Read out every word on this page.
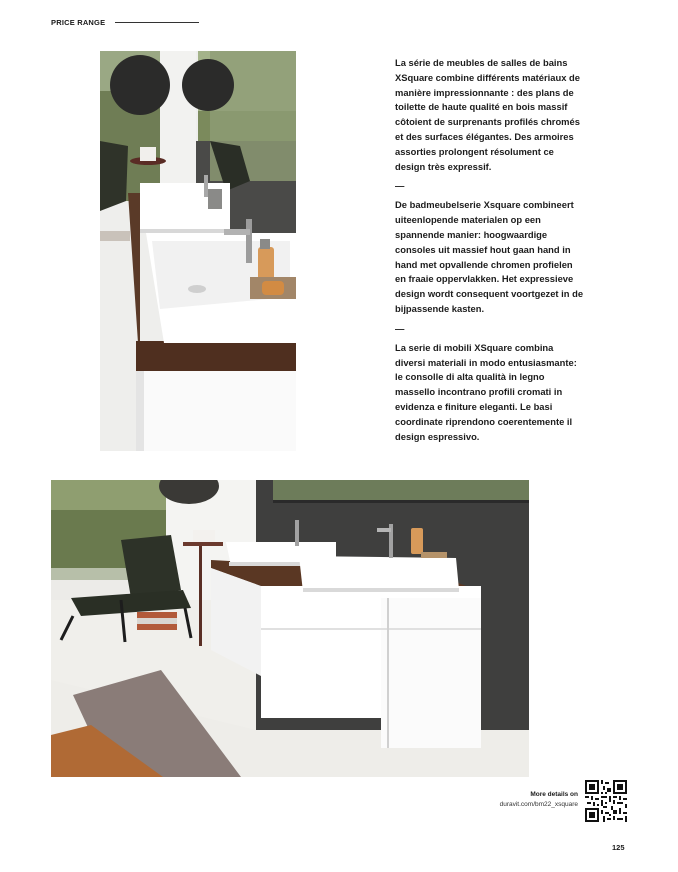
PRICE RANGE

La série de meubles de salles de bains XSquare combine différents matériaux de manière impressionnante : des plans de toilette de haute qualité en bois massif côtoient de surprenants profilés chromés et des surfaces élégantes. Des armoires assorties prolongent résolument ce design très expressif.

—

De badmeubelserie Xsquare combineert uiteenlopende materialen op een spannende manier: hoogwaardige consoles uit massief hout gaan hand in hand met opvallende chromen profielen en fraaie oppervlakken. Het expressieve design wordt consequent voortgezet in de bijpassende kasten.

—

La serie di mobili XSquare combina diversi materiali in modo entusiasmante: le consolle di alta qualità in legno massello incontrano profili cromati in evidenza e finiture eleganti. Le basi coordinate riprendono coerentemente il design espressivo.

More details on
duravit.com/bm22_xsquare
125
